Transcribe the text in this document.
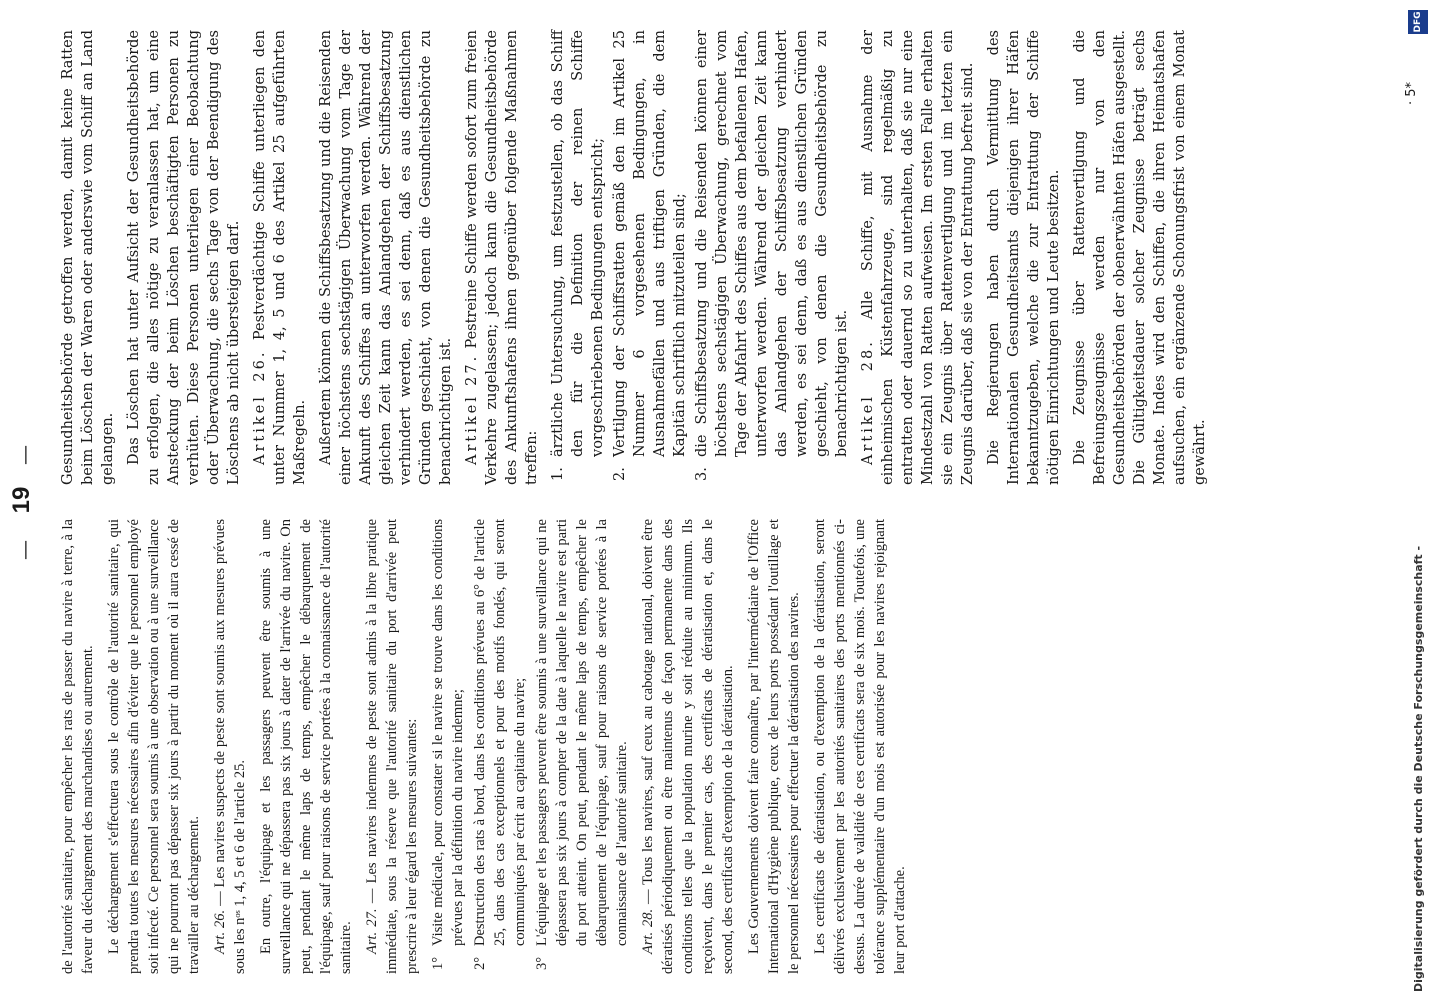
—
19
—

de l'autorité sanitaire, pour empêcher les rats de passer du navire à terre, à la faveur du déchargement des marchandises ou autrement. Le déchargement s'effectuera sous le contrôle de l'autorité sanitaire, qui prendra toutes les mesures nécessaires afin d'éviter que le personnel employé soit infecté. Ce personnel sera soumis à une observation ou à une surveillance qui ne pourront pas dépasser six jours à partir du moment où il aura cessé de travailler au déchargement. Art. 26. — Les navires suspects de peste sont soumis aux mesures prévues sous les nᵒˢ 1, 4, 5 et 6 de l'article 25. En outre, l'équipage et les passagers peuvent être soumis à une surveillance qui ne dépassera pas six jours à dater de l'arrivée du navire. On peut, pendant le même laps de temps, empêcher le débarquement de l'équipage, sauf pour raisons de service portées à la connaissance de l'autorité sanitaire. Art. 27. — Les navires indemnes de peste sont admis à la libre pratique immédiate, sous la réserve que l'autorité sanitaire du port d'arrivée peut prescrire à leur égard les mesures suivantes: 1°
Visite médicale, pour constater si le navire se trouve dans les conditions prévues par la définition du navire indemne;
2°
Destruction des rats à bord, dans les conditions prévues au 6° de l'article 25, dans des cas exceptionnels et pour des motifs fondés, qui seront communiqués par écrit au capitaine du navire;
3°
L'équipage et les passagers peuvent être soumis à une surveillance qui ne dépassera pas six jours à compter de la date à laquelle le navire est parti du port atteint. On peut, pendant le même laps de temps, empêcher le débarquement de l'équipage, sauf pour raisons de service portées à la connaissance de l'autorité sanitaire. Art. 28. — Tous les navires, sauf ceux au cabotage national, doivent être dératisés périodiquement ou être maintenus de façon permanente dans des conditions telles que la population murine y soit réduite au minimum. Ils reçoivent, dans le premier cas, des certificats de dératisation et, dans le second, des certificats d'exemption de la dératisation. Les Gouvernements doivent faire connaître, par l'intermédiaire de l'Office International d'Hygiène publique, ceux de leurs ports possédant l'outillage et le personnel nécessaires pour effectuer la dératisation des navires. Les certificats de dératisation, ou d'exemption de la dératisation, seront délivrés exclusivement par les autorités sanitaires des ports mentionnés ci-dessus. La durée de validité de ces certificats sera de six mois. Toutefois, une tolérance supplémentaire d'un mois est autorisée pour les navires rejoignant leur port d'attache.

Gesundheitsbehörde getroffen werden, damit keine Ratten beim Löschen der Waren oder anderswie vom Schiff an Land gelangen. Das Löschen hat unter Aufsicht der Gesundheitsbehörde zu erfolgen, die alles nötige zu veranlassen hat, um eine Ansteckung der beim Löschen beschäftigten Personen zu verhüten. Diese Personen unterliegen einer Beobachtung oder Überwachung, die sechs Tage von der Beendigung des Löschens ab nicht übersteigen darf. Artikel 26. Pestverdächtige Schiffe unterliegen den unter Nummer 1, 4, 5 und 6 des Artikel 25 aufgeführten Maßregeln. Außerdem können die Schiffsbesatzung und die Reisenden einer höchstens sechstägigen Überwachung vom Tage der Ankunft des Schiffes an unterworfen werden. Während der gleichen Zeit kann das Anlandgehen der Schiffsbesatzung verhindert werden, es sei denn, daß es aus dienstlichen Gründen geschieht, von denen die Gesundheitsbehörde zu benachrichtigen ist. Artikel 27. Pestreine Schiffe werden sofort zum freien Verkehre zugelassen; jedoch kann die Gesundheitsbehörde des Ankunftshafens ihnen gegenüber folgende Maßnahmen treffen: 1.
ärztliche Untersuchung, um festzustellen, ob das Schiff den für die Definition der reinen Schiffe vorgeschriebenen Bedingungen entspricht;
2.
Vertilgung der Schiffsratten gemäß den im Artikel 25 Nummer 6 vorgesehenen Bedingungen, in Ausnahmefällen und aus triftigen Gründen, die dem Kapitän schriftlich mitzuteilen sind;
3.
die Schiffsbesatzung und die Reisenden können einer höchstens sechstägigen Überwachung, gerechnet vom Tage der Abfahrt des Schiffes aus dem befallenen Hafen, unterworfen werden. Während der gleichen Zeit kann das Anlandgehen der Schiffsbesatzung verhindert werden, es sei denn, daß es aus dienstlichen Gründen geschieht, von denen die Gesundheitsbehörde zu benachrichtigen ist. Artikel 28. Alle Schiffe, mit Ausnahme der einheimischen Küstenfahrzeuge, sind regelmäßig zu entratten oder dauernd so zu unterhalten, daß sie nur eine Mindestzahl von Ratten aufweisen. Im ersten Falle erhalten sie ein Zeugnis über Rattenvertilgung und im letzten ein Zeugnis darüber, daß sie von der Entrattung befreit sind. Die Regierungen haben durch Vermittlung des Internationalen Gesundheitsamts diejenigen ihrer Häfen bekanntzugeben, welche die zur Entrattung der Schiffe nötigen Einrichtungen und Leute besitzen. Die Zeugnisse über Rattenvertilgung und die Befreiungszeugnisse werden nur von den Gesundheitsbehörden der obenerwähnten Häfen ausgestellt. Die Gültigkeitsdauer solcher Zeugnisse beträgt sechs Monate. Indes wird den Schiffen, die ihren Heimatshafen aufsuchen, ein ergänzende Schonungsfrist von einem Monat gewährt.

· 5*
Digitalisierung gefördert durch die Deutsche Forschungsgemeinschaft -
DFG
